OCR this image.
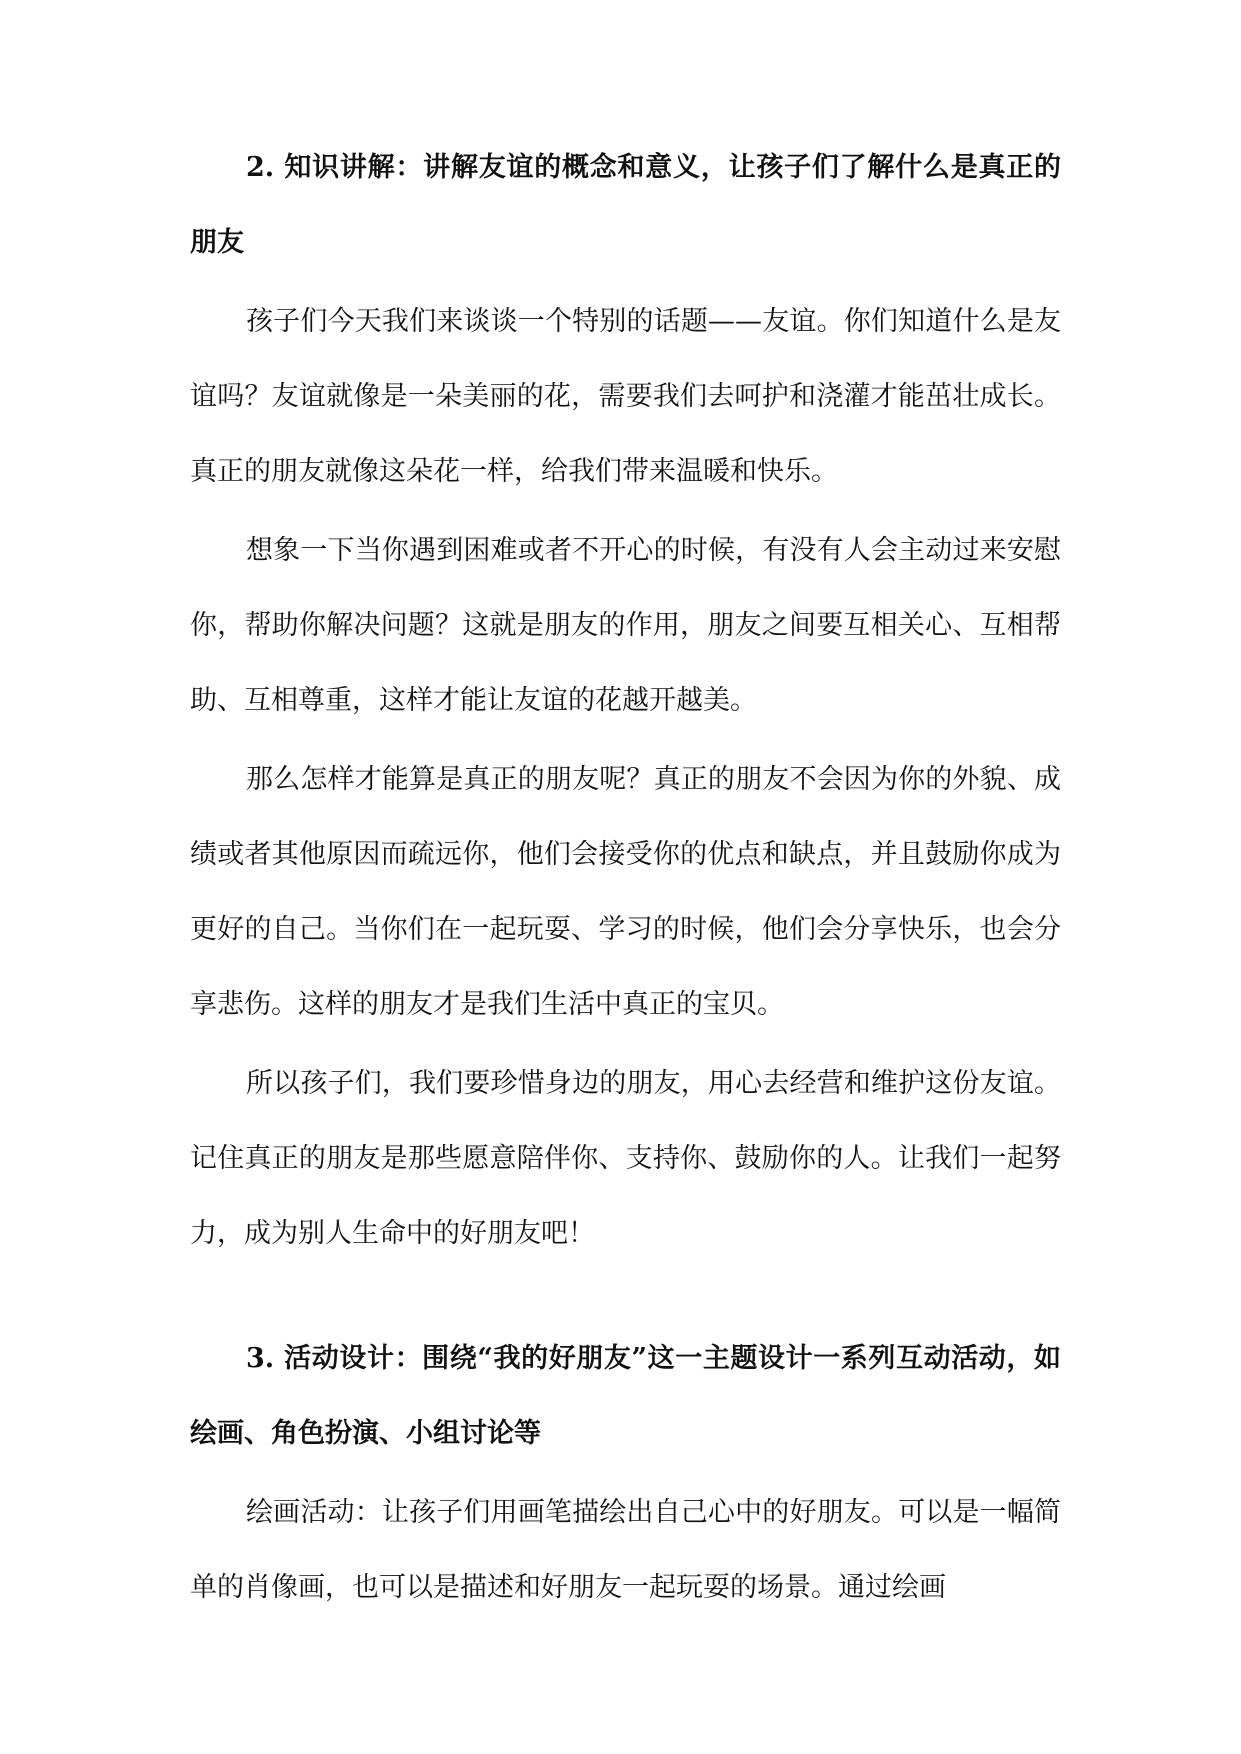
2. 知识讲解：讲解友谊的概念和意义，让孩子们了解什么是真正的朋友

孩子们今天我们来谈谈一个特别的话题——友谊。你们知道什么是友谊吗？友谊就像是一朵美丽的花，需要我们去呵护和浇灌才能茁壮成长。真正的朋友就像这朵花一样，给我们带来温暖和快乐。

想象一下当你遇到困难或者不开心的时候，有没有人会主动过来安慰你，帮助你解决问题？这就是朋友的作用，朋友之间要互相关心、互相帮助、互相尊重，这样才能让友谊的花越开越美。

那么怎样才能算是真正的朋友呢？真正的朋友不会因为你的外貌、成绩或者其他原因而疏远你，他们会接受你的优点和缺点，并且鼓励你成为更好的自己。当你们在一起玩耍、学习的时候，他们会分享快乐，也会分享悲伤。这样的朋友才是我们生活中真正的宝贝。

所以孩子们，我们要珍惜身边的朋友，用心去经营和维护这份友谊。记住真正的朋友是那些愿意陪伴你、支持你、鼓励你的人。让我们一起努力，成为别人生命中的好朋友吧！

3. 活动设计：围绕“我的好朋友”这一主题设计一系列互动活动，如绘画、角色扮演、小组讨论等

绘画活动：让孩子们用画笔描绘出自己心中的好朋友。可以是一幅简单的肖像画，也可以是描述和好朋友一起玩耍的场景。通过绘画
